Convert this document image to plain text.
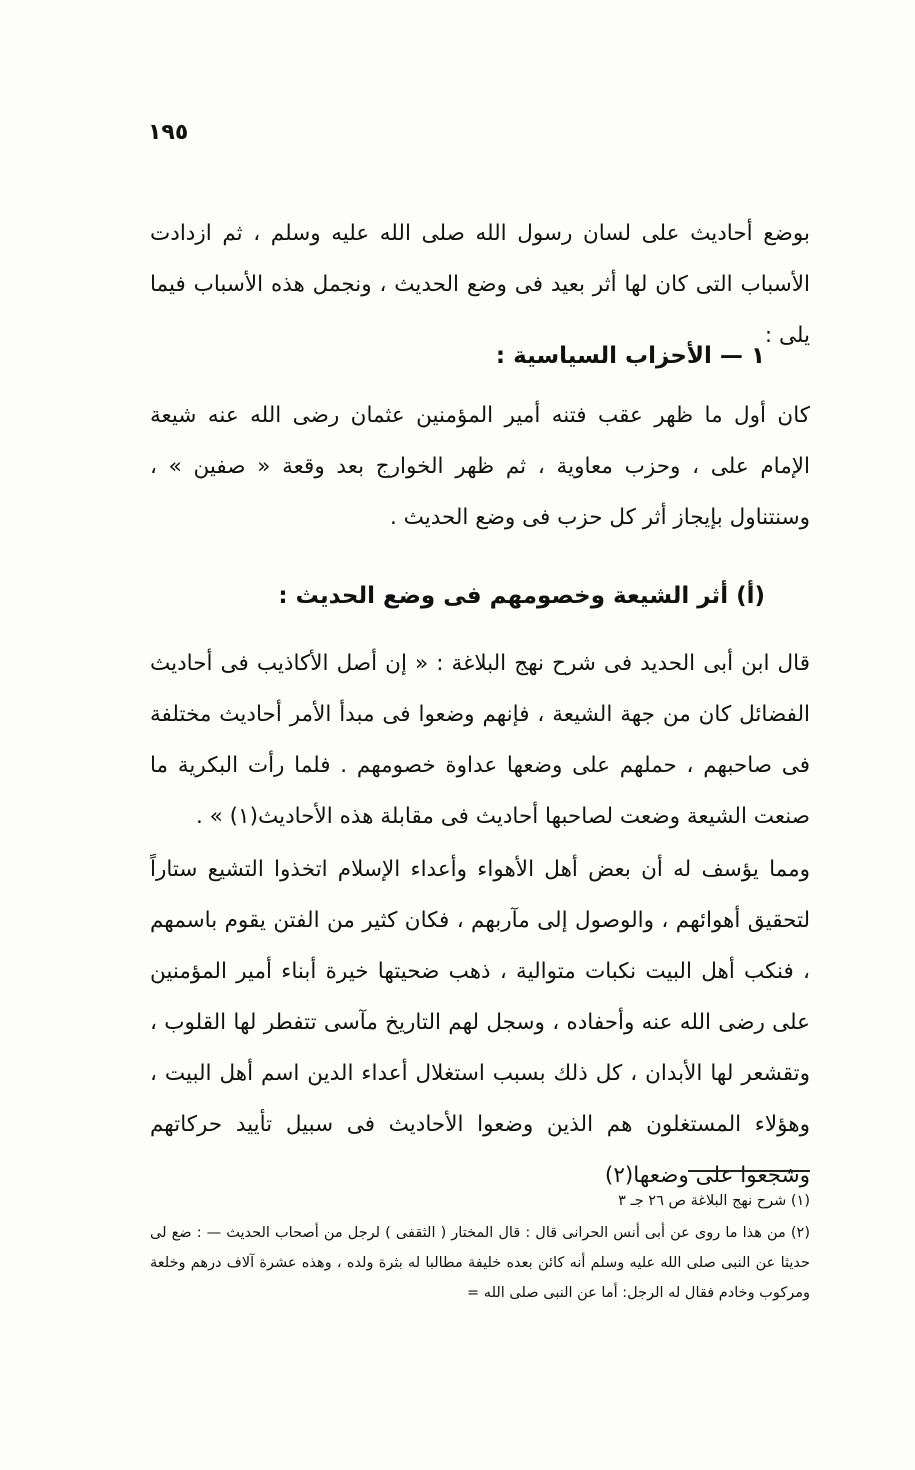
١٩٥
بوضع أحاديث على لسان رسول الله صلى الله عليه وسلم ، ثم ازدادت الأسباب التى كان لها أثر بعيد فى وضع الحديث ، ونجمل هذه الأسباب فيما يلى :
١ — الأحزاب السياسية :
كان أول ما ظهر عقب فتنه أمير المؤمنين عثمان رضى الله عنه شيعة الإمام على ، وحزب معاوية ، ثم ظهر الخوارج بعد وقعة « صفين » ، وسنتناول بإيجاز أثر كل حزب فى وضع الحديث .
(أ) أثر الشيعة وخصومهم فى وضع الحديث :
قال ابن أبى الحديد فى شرح نهج البلاغة : « إن أصل الأكاذيب فى أحاديث الفضائل كان من جهة الشيعة ، فإنهم وضعوا فى مبدأ الأمر أحاديث مختلفة فى صاحبهم ، حملهم على وضعها عداوة خصومهم . فلما رأت البكرية ما صنعت الشيعة وضعت لصاحبها أحاديث فى مقابلة هذه الأحاديث(١) » .
ومما يؤسف له أن بعض أهل الأهواء وأعداء الإسلام اتخذوا التشيع ستاراً لتحقيق أهوائهم ، والوصول إلى مآربهم ، فكان كثير من الفتن يقوم باسمهم ، فنكب أهل البيت نكبات متوالية ، ذهب ضحيتها خيرة أبناء أمير المؤمنين على رضى الله عنه وأحفاده ، وسجل لهم التاريخ مآسى تتفطر لها القلوب ، وتقشعر لها الأبدان ، كل ذلك بسبب استغلال أعداء الدين اسم أهل البيت ، وهؤلاء المستغلون هم الذين وضعوا الأحاديث فى سبيل تأييد حركاتهم وشجعوا على وضعها(٢)
(١) شرح نهج البلاغة ص ٢٦ جـ ٣
(٢) من هذا ما روى عن أبى أنس الحرانى قال : قال المختار ( الثقفى ) لرجل من أصحاب الحديث — : ضع لى حديثا عن النبى صلى الله عليه وسلم أنه كائن بعده خليفة مطالبا له بثرة ولده ، وهذه عشرة آلاف درهم وخلعة ومركوب وخادم فقال له الرجل: أما عن النبى صلى الله =
